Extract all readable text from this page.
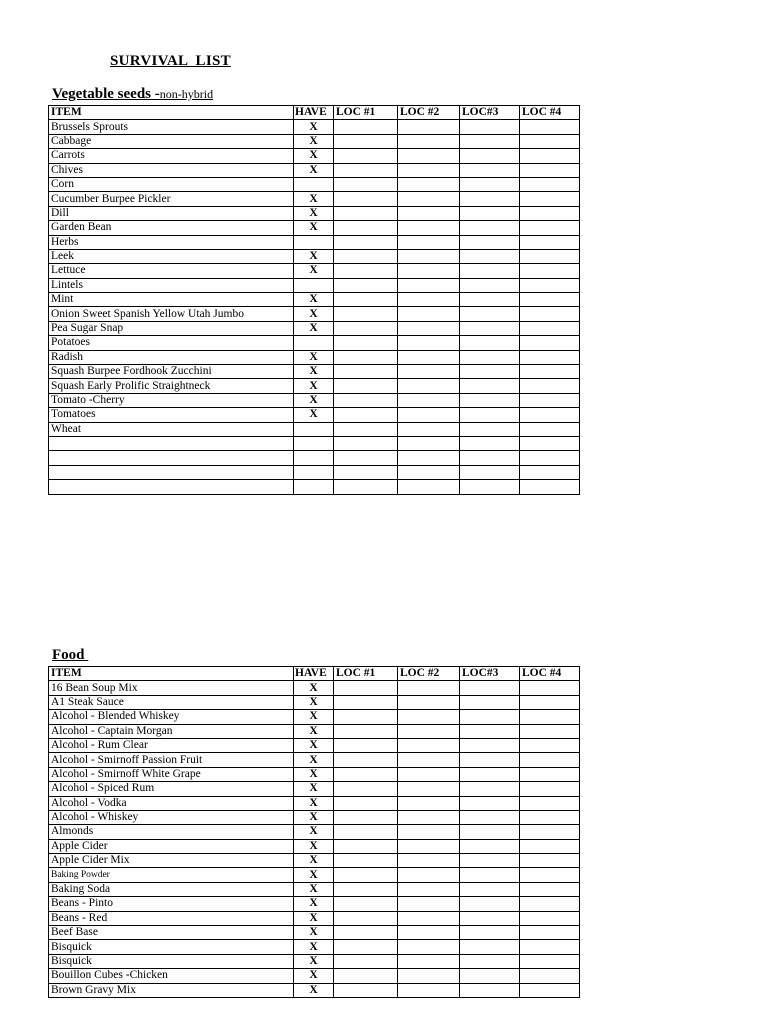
SURVIVAL  LIST
Vegetable seeds -non-hybrid
ITEM	HAVE	LOC #1	LOC #2	LOC#3	LOC #4
Brussels Sprouts	X				
Cabbage	X				
Carrots	X				
Chives	X				
Corn					
Cucumber Burpee Pickler	X				
Dill	X				
Garden Bean	X				
Herbs					
Leek	X				
Lettuce	X				
Lintels					
Mint	X				
Onion Sweet Spanish Yellow Utah Jumbo	X				
Pea Sugar Snap	X				
Potatoes					
Radish	X				
Squash Burpee Fordhook Zucchini	X				
Squash Early Prolific Straightneck	X				
Tomato -Cherry	X				
Tomatoes	X				
Wheat					

Food
ITEM	HAVE	LOC #1	LOC #2	LOC#3	LOC #4
16 Bean Soup Mix	X				
A1 Steak Sauce	X				
Alcohol - Blended Whiskey	X				
Alcohol - Captain Morgan	X				
Alcohol - Rum Clear	X				
Alcohol - Smirnoff Passion Fruit	X				
Alcohol - Smirnoff White Grape	X				
Alcohol - Spiced Rum	X				
Alcohol - Vodka	X				
Alcohol - Whiskey	X				
Almonds	X				
Apple Cider	X				
Apple Cider Mix	X				
Baking Powder	X				
Baking Soda	X				
Beans - Pinto	X				
Beans - Red	X				
Beef Base	X				
Bisquick	X				
Bisquick	X				
Bouillon Cubes -Chicken	X				
Brown Gravy Mix	X				
